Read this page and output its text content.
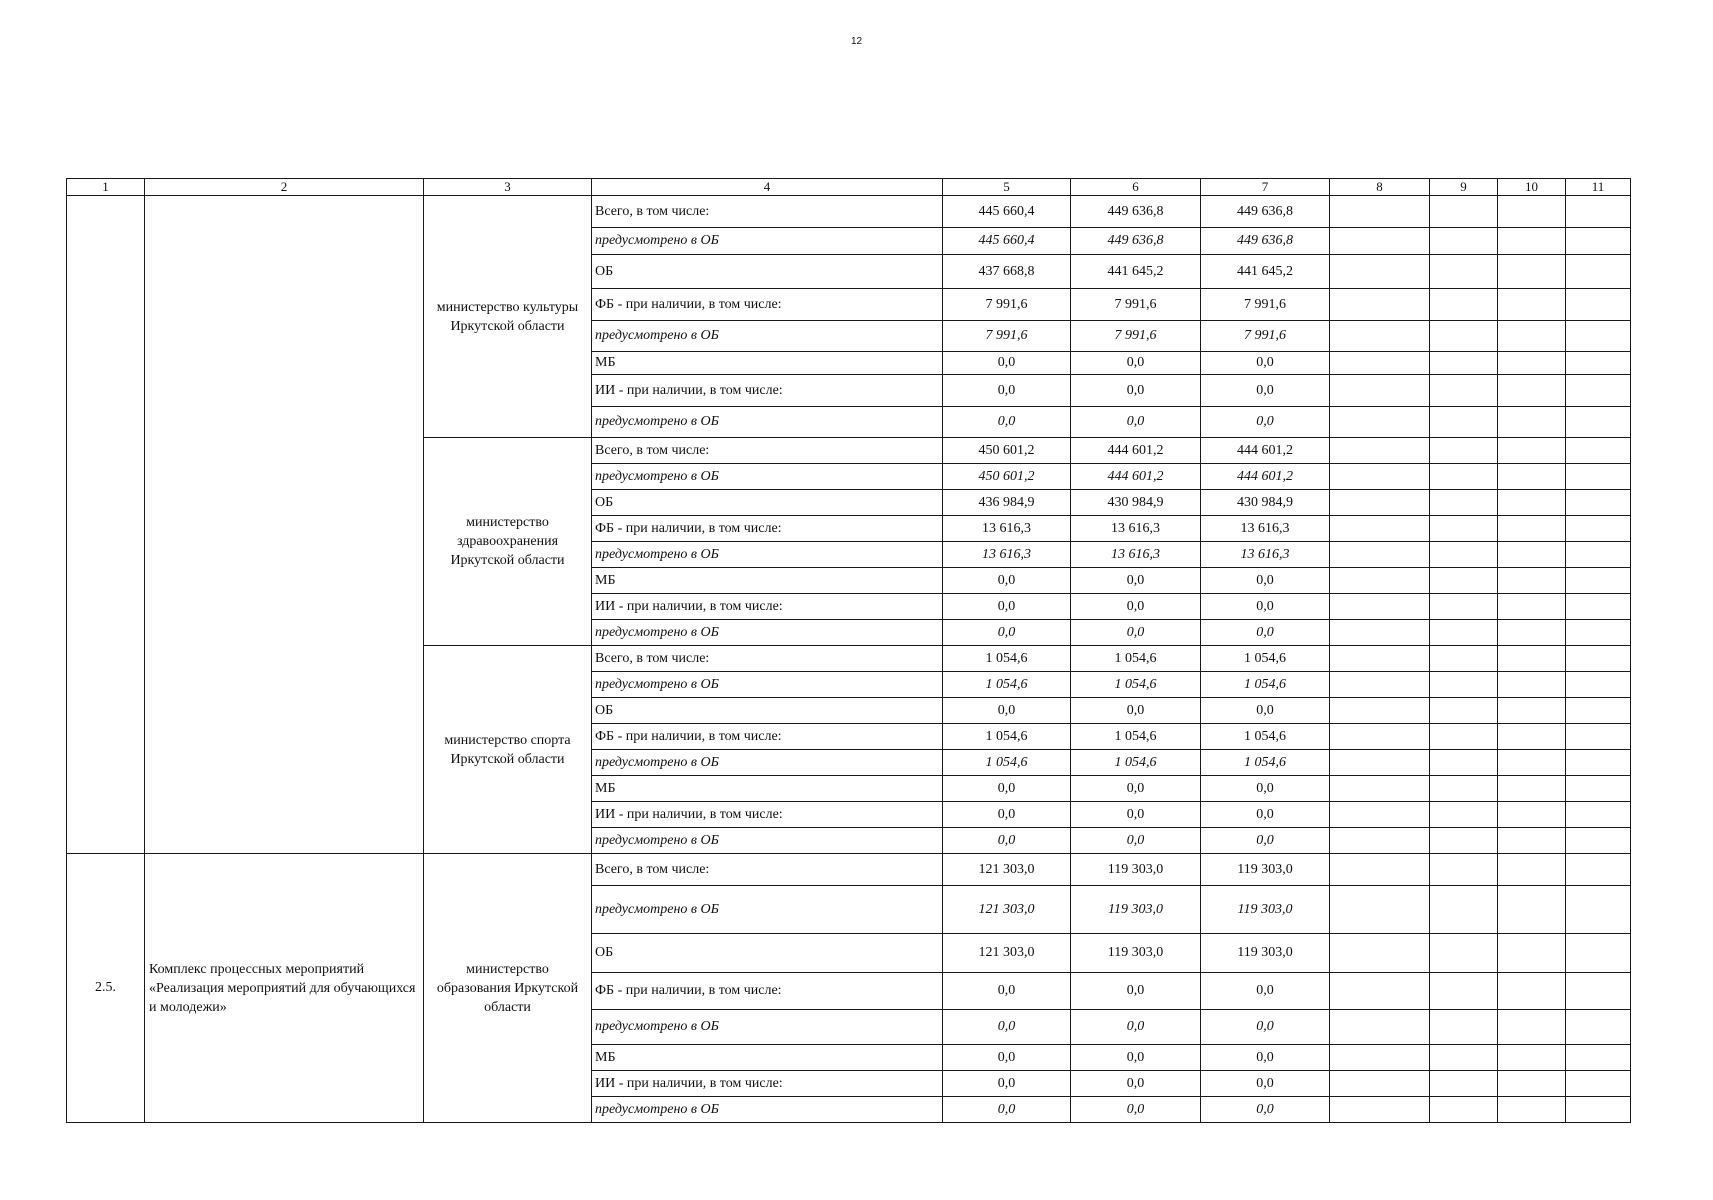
12
1	2	3	4	5	6	7	8	9	10	11
		министерство культуры Иркутской области	Всего, в том числе:	445 660,4	449 636,8	449 636,8				
			предусмотрено в ОБ	445 660,4	449 636,8	449 636,8				
			ОБ	437 668,8	441 645,2	441 645,2				
			ФБ - при наличии, в том числе:	7 991,6	7 991,6	7 991,6				
			предусмотрено в ОБ	7 991,6	7 991,6	7 991,6				
			МБ	0,0	0,0	0,0				
			ИИ - при наличии, в том числе:	0,0	0,0	0,0				
			предусмотрено в ОБ	0,0	0,0	0,0				
		министерство здравоохранения Иркутской области	Всего, в том числе:	450 601,2	444 601,2	444 601,2				
			предусмотрено в ОБ	450 601,2	444 601,2	444 601,2				
			ОБ	436 984,9	430 984,9	430 984,9				
			ФБ - при наличии, в том числе:	13 616,3	13 616,3	13 616,3				
			предусмотрено в ОБ	13 616,3	13 616,3	13 616,3				
			МБ	0,0	0,0	0,0				
			ИИ - при наличии, в том числе:	0,0	0,0	0,0				
			предусмотрено в ОБ	0,0	0,0	0,0				
		министерство спорта Иркутской области	Всего, в том числе:	1 054,6	1 054,6	1 054,6				
			предусмотрено в ОБ	1 054,6	1 054,6	1 054,6				
			ОБ	0,0	0,0	0,0				
			ФБ - при наличии, в том числе:	1 054,6	1 054,6	1 054,6				
			предусмотрено в ОБ	1 054,6	1 054,6	1 054,6				
			МБ	0,0	0,0	0,0				
			ИИ - при наличии, в том числе:	0,0	0,0	0,0				
			предусмотрено в ОБ	0,0	0,0	0,0				
2.5.	Комплекс процессных мероприятий «Реализация мероприятий для обучающихся и молодежи»	министерство образования Иркутской области	Всего, в том числе:	121 303,0	119 303,0	119 303,0				
			предусмотрено в ОБ	121 303,0	119 303,0	119 303,0				
			ОБ	121 303,0	119 303,0	119 303,0				
			ФБ - при наличии, в том числе:	0,0	0,0	0,0				
			предусмотрено в ОБ	0,0	0,0	0,0				
			МБ	0,0	0,0	0,0				
			ИИ - при наличии, в том числе:	0,0	0,0	0,0				
			предусмотрено в ОБ	0,0	0,0	0,0				
